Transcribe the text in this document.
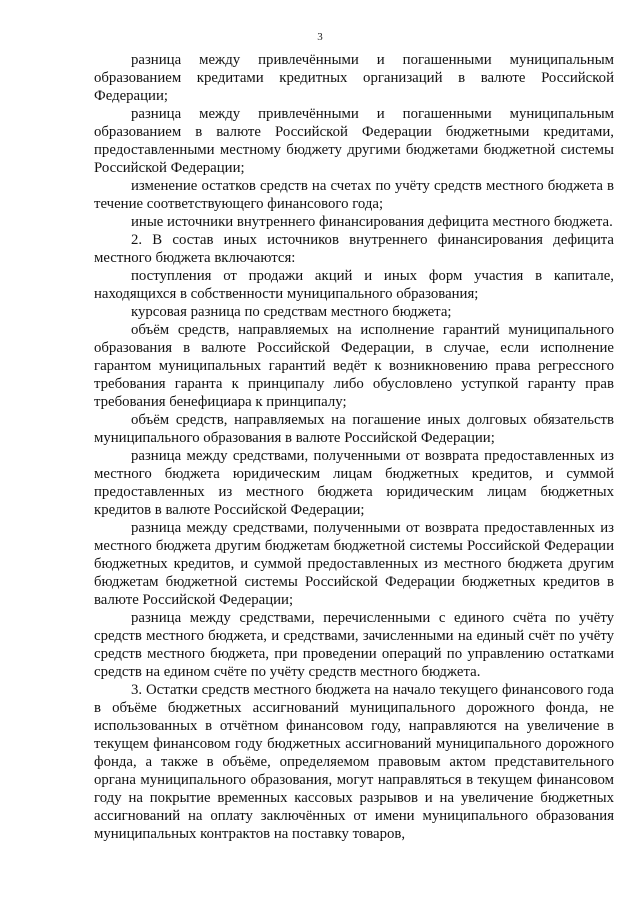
3

разница между привлечёнными и погашенными муниципальным образованием кредитами кредитных организаций в валюте Российской Федерации;

разница между привлечёнными и погашенными муниципальным образованием в валюте Российской Федерации бюджетными кредитами, предоставленными местному бюджету другими бюджетами бюджетной системы Российской Федерации;

изменение остатков средств на счетах по учёту средств местного бюджета в течение соответствующего финансового года;

иные источники внутреннего финансирования дефицита местного бюджета.

2. В состав иных источников внутреннего финансирования дефицита местного бюджета включаются:

поступления от продажи акций и иных форм участия в капитале, находящихся в собственности муниципального образования;

курсовая разница по средствам местного бюджета;

объём средств, направляемых на исполнение гарантий муниципального образования в валюте Российской Федерации, в случае, если исполнение гарантом муниципальных гарантий ведёт к возникновению права регрессного требования гаранта к принципалу либо обусловлено уступкой гаранту прав требования бенефициара к принципалу;

объём средств, направляемых на погашение иных долговых обязательств муниципального образования в валюте Российской Федерации;

разница между средствами, полученными от возврата предоставленных из местного бюджета юридическим лицам бюджетных кредитов, и суммой предоставленных из местного бюджета юридическим лицам бюджетных кредитов в валюте Российской Федерации;

разница между средствами, полученными от возврата предоставленных из местного бюджета другим бюджетам бюджетной системы Российской Федерации бюджетных кредитов, и суммой предоставленных из местного бюджета другим бюджетам бюджетной системы Российской Федерации бюджетных кредитов в валюте Российской Федерации;

разница между средствами, перечисленными с единого счёта по учёту средств местного бюджета, и средствами, зачисленными на единый счёт по учёту средств местного бюджета, при проведении операций по управлению остатками средств на едином счёте по учёту средств местного бюджета.

3. Остатки средств местного бюджета на начало текущего финансового года в объёме бюджетных ассигнований муниципального дорожного фонда, не использованных в отчётном финансовом году, направляются на увеличение в текущем финансовом году бюджетных ассигнований муниципального дорожного фонда, а также в объёме, определяемом правовым актом представительного органа муниципального образования, могут направляться в текущем финансовом году на покрытие временных кассовых разрывов и на увеличение бюджетных ассигнований на оплату заключённых от имени муниципального образования муниципальных контрактов на поставку товаров,
